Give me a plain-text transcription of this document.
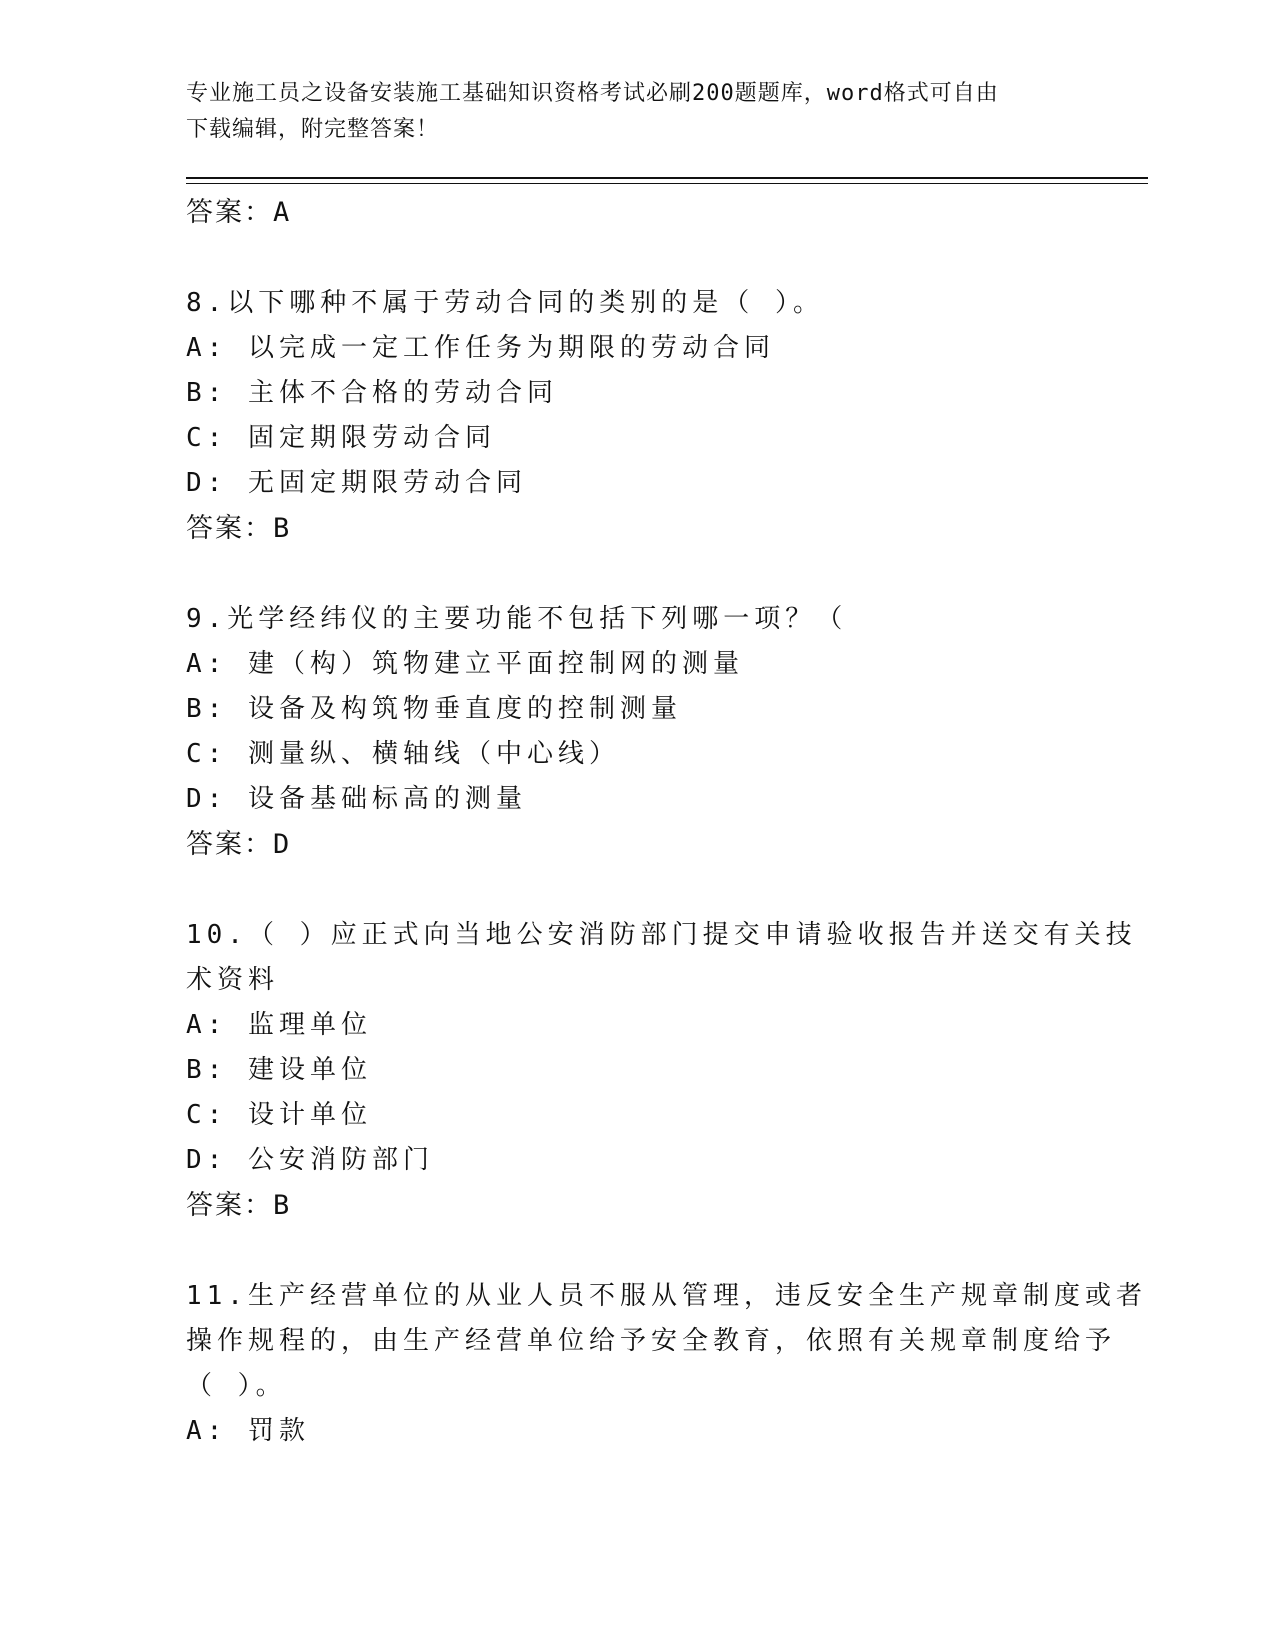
专业施工员之设备安装施工基础知识资格考试必刷200题题库，word格式可自由
下载编辑，附完整答案！
答案：A
8.以下哪种不属于劳动合同的类别的是（ ）。
A: 以完成一定工作任务为期限的劳动合同
B: 主体不合格的劳动合同
C: 固定期限劳动合同
D: 无固定期限劳动合同
答案：B
9.光学经纬仪的主要功能不包括下列哪一项？（
A: 建（构）筑物建立平面控制网的测量
B: 设备及构筑物垂直度的控制测量
C: 测量纵、横轴线（中心线）
D: 设备基础标高的测量
答案：D
10.（ ）应正式向当地公安消防部门提交申请验收报告并送交有关技
术资料
A: 监理单位
B: 建设单位
C: 设计单位
D: 公安消防部门
答案：B
11.生产经营单位的从业人员不服从管理，违反安全生产规章制度或者
操作规程的，由生产经营单位给予安全教育，依照有关规章制度给予
（ ）。
A: 罚款
